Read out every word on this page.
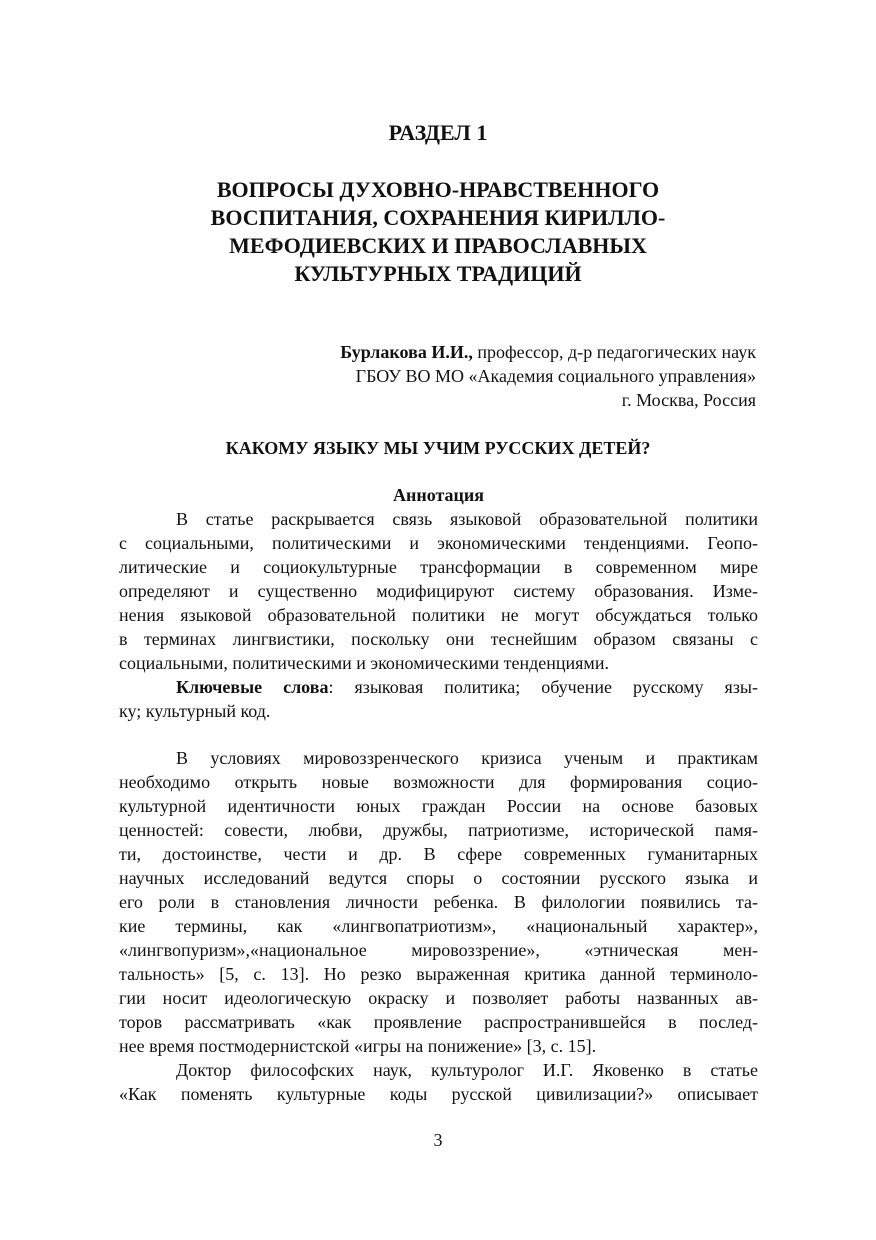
РАЗДЕЛ 1
ВОПРОСЫ ДУХОВНО-НРАВСТВЕННОГО
ВОСПИТАНИЯ, СОХРАНЕНИЯ КИРИЛЛО-
МЕФОДИЕВСКИХ И ПРАВОСЛАВНЫХ
КУЛЬТУРНЫХ ТРАДИЦИЙ
Бурлакова И.И., профессор, д-р педагогических наук
ГБОУ ВО МО «Академия социального управления»
г. Москва, Россия
КАКОМУ ЯЗЫКУ МЫ УЧИМ РУССКИХ ДЕТЕЙ?
Аннотация
В статье раскрывается связь языковой образовательной политики
с социальными, политическими и экономическими тенденциями. Геопо-
литические и социокультурные трансформации в современном мире
определяют и существенно модифицируют систему образования. Изме-
нения языковой образовательной политики не могут обсуждаться только
в терминах лингвистики, поскольку они теснейшим образом связаны с
социальными, политическими и экономическими тенденциями.
Ключевые слова: языковая политика; обучение русскому язы-
ку; культурный код.
В условиях мировоззренческого кризиса ученым и практикам
необходимо открыть новые возможности для формирования социо-
культурной идентичности юных граждан России на основе базовых
ценностей: совести, любви, дружбы, патриотизме, исторической памя-
ти, достоинстве, чести и др. В сфере современных гуманитарных
научных исследований ведутся споры о состоянии русского языка и
его роли в становления личности ребенка. В филологии появились та-
кие термины, как «лингвопатриотизм», «национальный характер»,
«лингвопуризм»,«национальное мировоззрение», «этническая мен-
тальность» [5, с. 13]. Но резко выраженная критика данной терминоло-
гии носит идеологическую окраску и позволяет работы названных ав-
торов рассматривать «как проявление распространившейся в послед-
нее время постмодернистской «игры на понижение» [3, с. 15].
Доктор философских наук, культуролог И.Г. Яковенко в статье
«Как поменять культурные коды русской цивилизации?» описывает
3
